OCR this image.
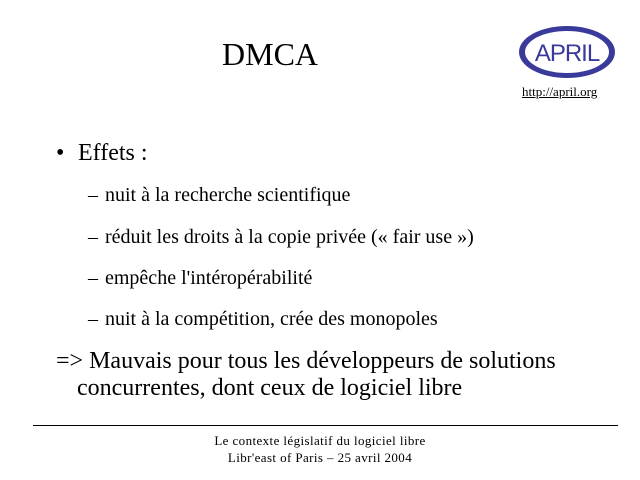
DMCA	APRIL
http://april.org
• Effets :
– nuit à la recherche scientifique
– réduit les droits à la copie privée (« fair use »)
– empêche l'intéropérabilité
– nuit à la compétition, crée des monopoles
=> Mauvais pour tous les développeurs de solutions
concurrentes, dont ceux de logiciel libre
Le contexte législatif du logiciel libre
Libr'east of Paris – 25 avril 2004
